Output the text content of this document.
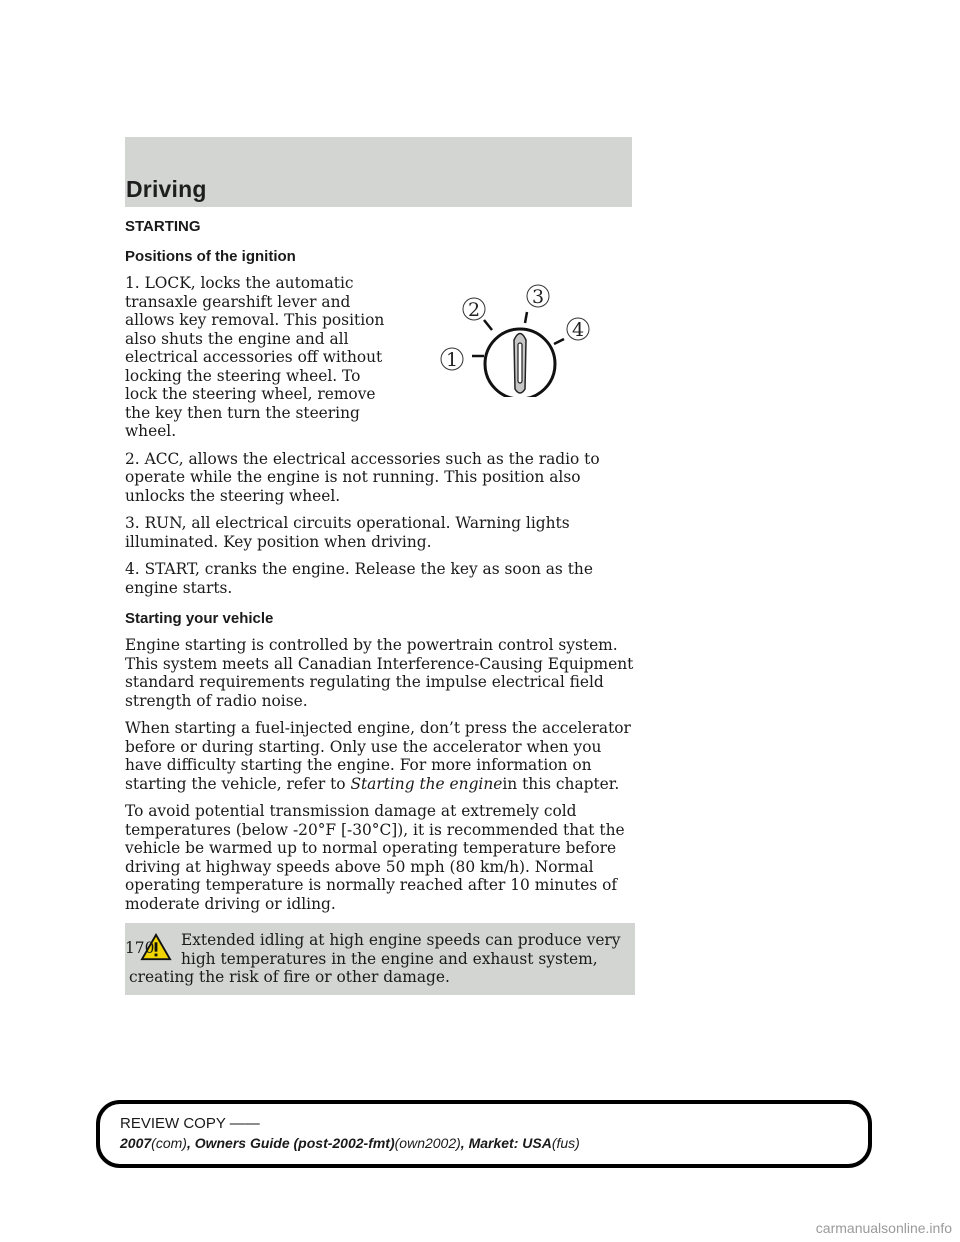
Driving
1
2
3
4
STARTING
Positions of the ignition

1. LOCK, locks the automatic transaxle gearshift lever and allows key removal. This position also shuts the engine and all electrical accessories off without locking the steering wheel. To lock the steering wheel, remove the key then turn the steering wheel.

2. ACC, allows the electrical accessories such as the radio to operate while the engine is not running. This position also unlocks the steering wheel.

3. RUN, all electrical circuits operational. Warning lights illuminated. Key position when driving.

4. START, cranks the engine. Release the key as soon as the engine starts.

Starting your vehicle

Engine starting is controlled by the powertrain control system. This system meets all Canadian Interference-Causing Equipment standard requirements regulating the impulse electrical field strength of radio noise.

When starting a fuel-injected engine, don’t press the accelerator before or during starting. Only use the accelerator when you have difficulty starting the engine. For more information on starting the vehicle, refer to Starting the enginein this chapter.

To avoid potential transmission damage at extremely cold temperatures (below -20°F [-30°C]), it is recommended that the vehicle be warmed up to normal operating temperature before driving at highway speeds above 50 mph (80 km/h). Normal operating temperature is normally reached after 10 minutes of moderate driving or idling.

Extended idling at high engine speeds can produce very high temperatures in the engine and exhaust system, creating the risk of fire or other damage.
170
REVIEW COPY ——
2007(com), Owners Guide (post-2002-fmt)(own2002), Market: USA(fus)
carmanualsonline.info
